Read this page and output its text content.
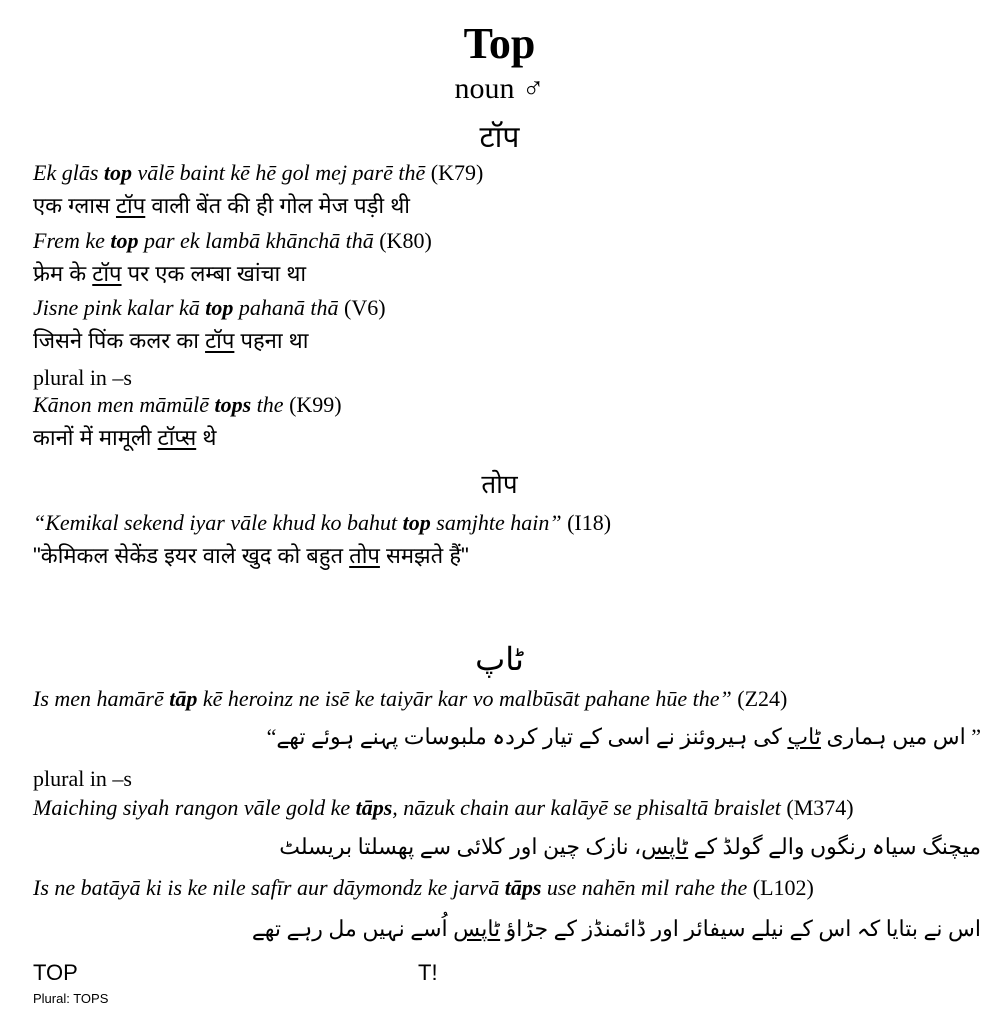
Top
noun ♂
टॉप
Ek glās top vālē baint kē hē gol mej parē thē (K79)
एक ग्लास टॉप वाली बेंत की ही गोल मेज पड़ी थी
Frem ke top par ek lambā khānchā thā (K80)
फ्रेम के टॉप पर एक लम्बा खांचा था
Jisne pink kalar kā top pahanā thā (V6)
जिसने पिंक कलर का टॉप पहना था
plural in –s
Kānon men māmūlē tops the (K99)
कानों में मामूली टॉप्स थे
तोप
“Kemikal sekend iyar vāle khud ko bahut top samjhte hain” (I18)
"केमिकल सेकेंड इयर वाले खुद को बहुत तोप समझते हैं"
ٹاپ
Is men hamārē tāp kē heroinz ne isē ke taiyār kar vo malbūsāt pahane hūe the” (Z24)
” اس میں ہماری ٹاپ کی ہیروئنز نے اسی کے تیار کردہ ملبوسات پہنے ہوئے تھے“
plural in –s
Maiching siyah rangon vāle gold ke tāps, nāzuk chain aur kalāyē se phisaltā braislet (M374)
میچنگ سیاہ رنگوں والے گولڈ کے ٹاپس، نازک چین اور کلائی سے پھسلتا بریسلٹ
Is ne batāyā ki is ke nile safīr aur dāymondz ke jarvā tāps use nahēn mil rahe the (L102)
اس نے بتایا کہ اس کے نیلے سیفائر اور ڈائمنڈز کے جڑاؤ ٹاپس اُسے نہیں مل رہے تھے
TOP	T!
Plural: TOPS
